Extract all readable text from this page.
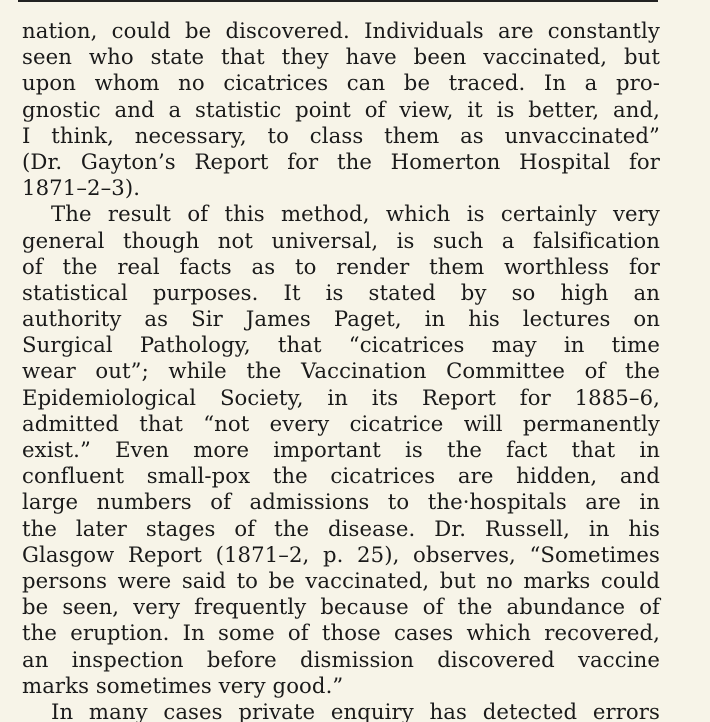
nation, could be discovered. Individuals are constantly
seen who state that they have been vaccinated, but
upon whom no cicatrices can be traced. In a pro-
gnostic and a statistic point of view, it is better, and,
I think, necessary, to class them as unvaccinated”
(Dr. Gayton’s Report for the Homerton Hospital for
1871–2–3).
The result of this method, which is certainly very
general though not universal, is such a falsification
of the real facts as to render them worthless for
statistical purposes. It is stated by so high an
authority as Sir James Paget, in his lectures on
Surgical Pathology, that “cicatrices may in time
wear out”; while the Vaccination Committee of the
Epidemiological Society, in its Report for 1885–6,
admitted that “not every cicatrice will permanently
exist.” Even more important is the fact that in
confluent small-pox the cicatrices are hidden, and
large numbers of admissions to the·hospitals are in
the later stages of the disease. Dr. Russell, in his
Glasgow Report (1871–2, p. 25), observes, “Sometimes
persons were said to be vaccinated, but no marks could
be seen, very frequently because of the abundance of
the eruption. In some of those cases which recovered,
an inspection before dismission discovered vaccine
marks sometimes very good.”
In many cases private enquiry has detected errors
